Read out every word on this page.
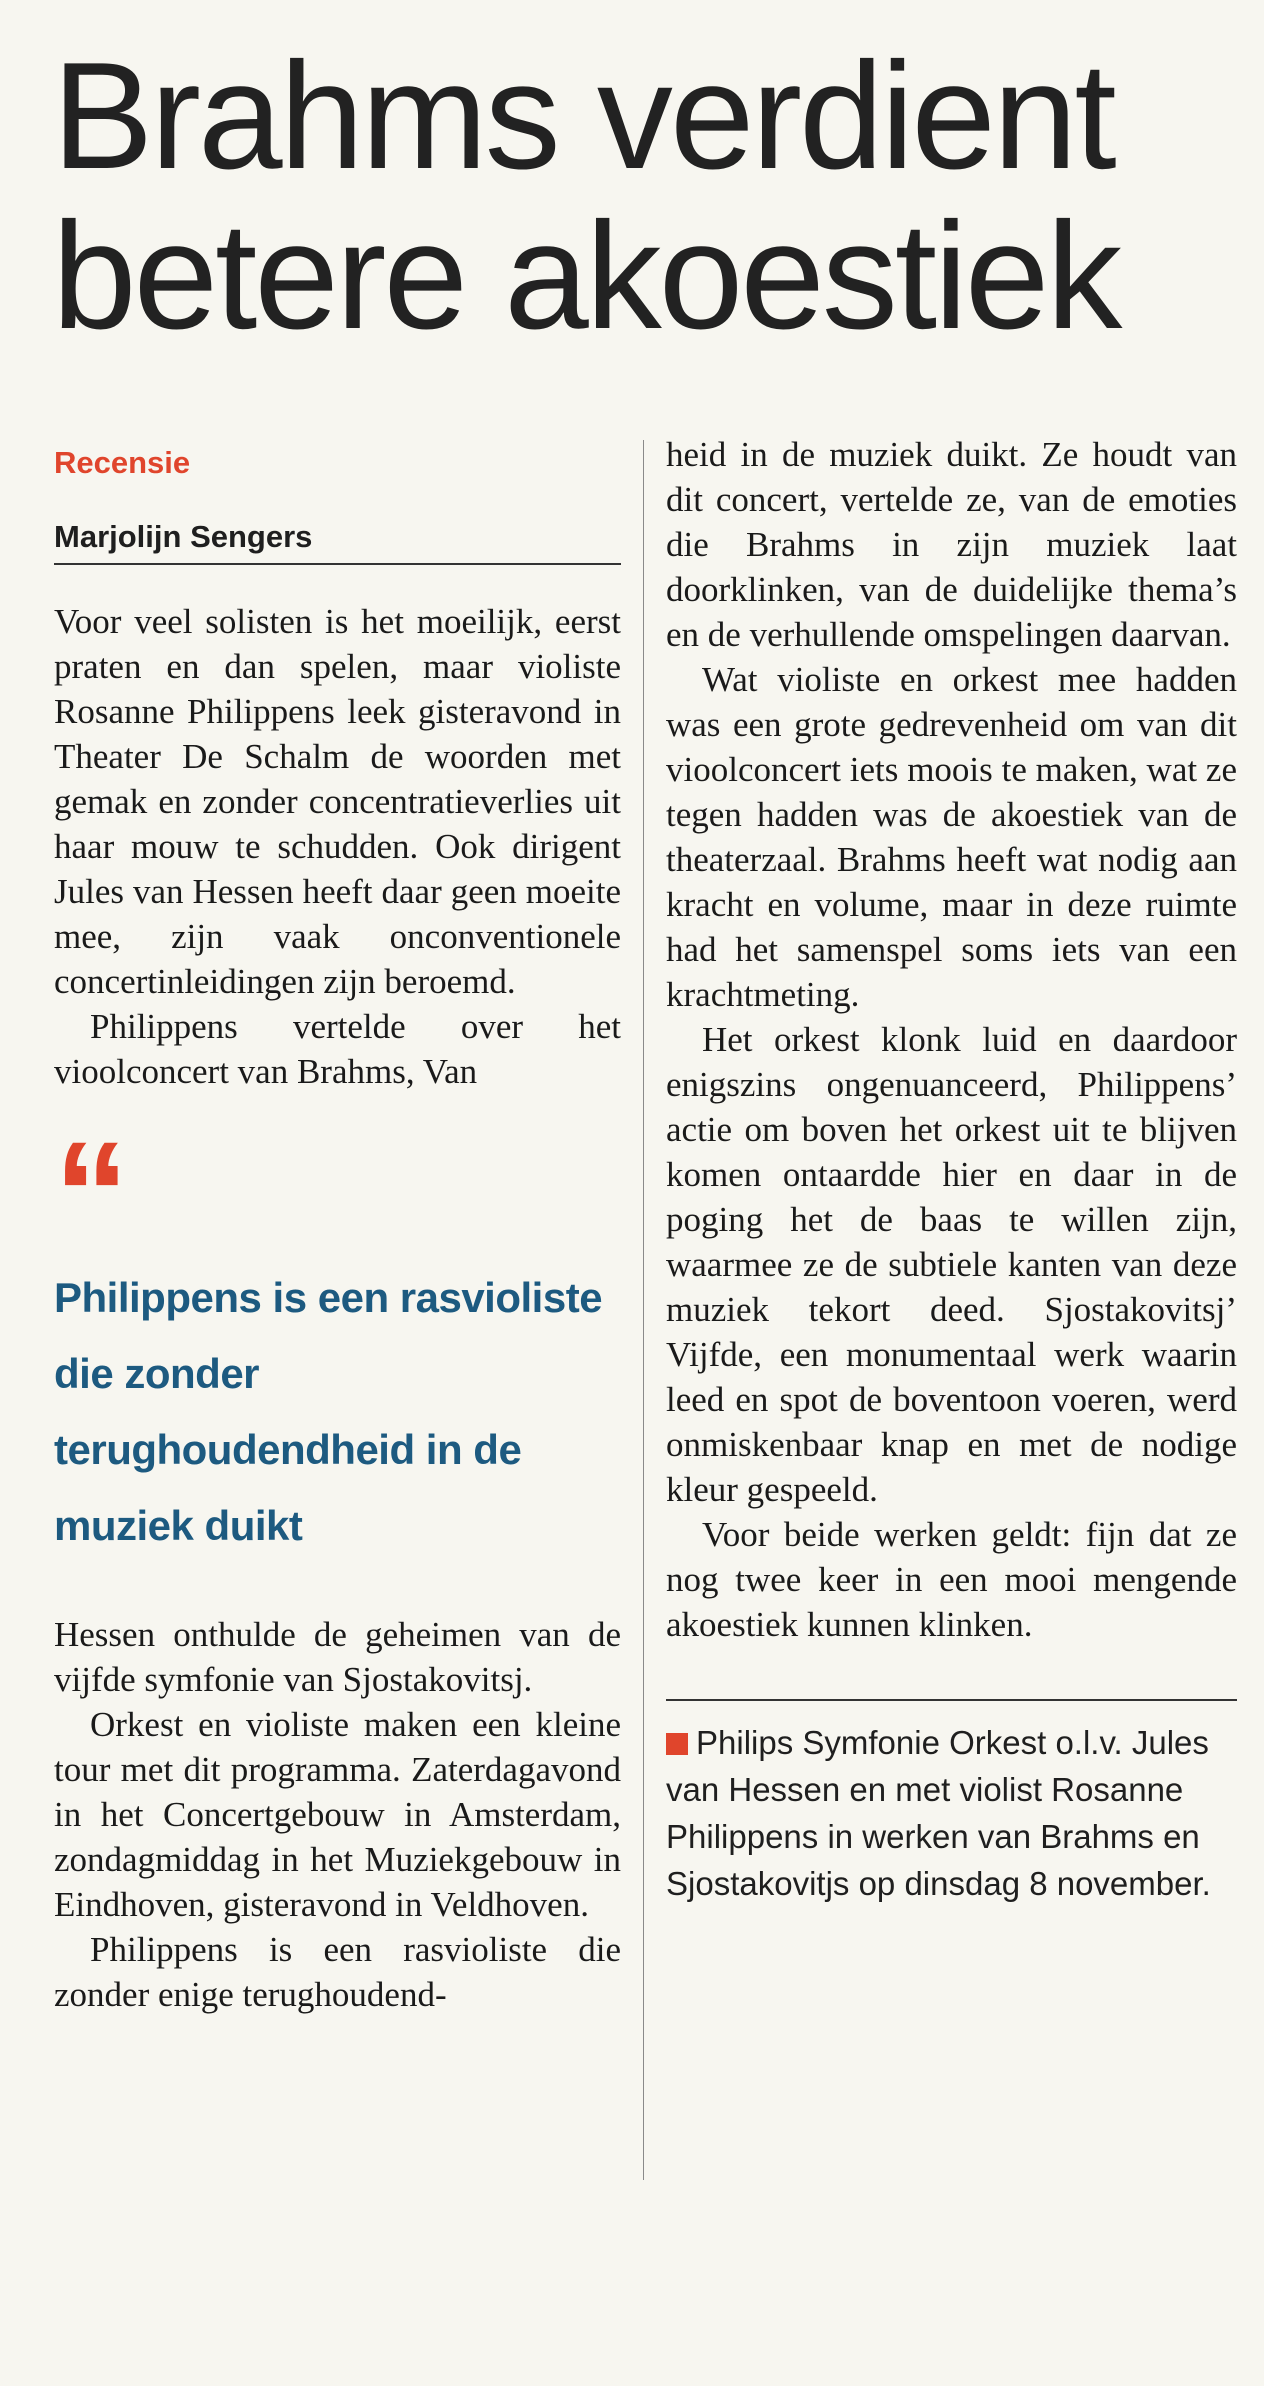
Brahms verdient
betere akoestiek
Recensie
Marjolijn Sengers

Voor veel solisten is het moeilijk, eerst praten en dan spelen, maar violiste Rosanne Philippens leek gisteravond in Theater De Schalm de woorden met gemak en zonder concentratieverlies uit haar mouw te schudden. Ook dirigent Jules van Hessen heeft daar geen moeite mee, zijn vaak onconventionele concertinleidingen zijn beroemd.

Philippens vertelde over het vioolconcert van Brahms, Van

“
Philippens is een rasvioliste die zonder terughoudendheid in de muziek duikt

Hessen onthulde de geheimen van de vijfde symfonie van Sjostakovitsj.

Orkest en violiste maken een kleine tour met dit programma. Zaterdagavond in het Concertgebouw in Amsterdam, zondagmiddag in het Muziekgebouw in Eindhoven, gisteravond in Veldhoven.

Philippens is een rasvioliste die zonder enige terughoudend-

heid in de muziek duikt. Ze houdt van dit concert, vertelde ze, van de emoties die Brahms in zijn muziek laat doorklinken, van de duidelijke thema’s en de verhullende omspelingen daarvan.

Wat violiste en orkest mee hadden was een grote gedrevenheid om van dit vioolconcert iets moois te maken, wat ze tegen hadden was de akoestiek van de theaterzaal. Brahms heeft wat nodig aan kracht en volume, maar in deze ruimte had het samenspel soms iets van een krachtmeting.

Het orkest klonk luid en daardoor enigszins ongenuanceerd, Philippens’ actie om boven het orkest uit te blijven komen ontaardde hier en daar in de poging het de baas te willen zijn, waarmee ze de subtiele kanten van deze muziek tekort deed. Sjostakovitsj’ Vijfde, een monumentaal werk waarin leed en spot de boventoon voeren, werd onmiskenbaar knap en met de nodige kleur gespeeld.

Voor beide werken geldt: fijn dat ze nog twee keer in een mooi mengende akoestiek kunnen klinken.

Philips Symfonie Orkest o.l.v. Jules van Hessen en met violist Rosanne Philippens in werken van Brahms en Sjostakovitjs op dinsdag 8 november.
